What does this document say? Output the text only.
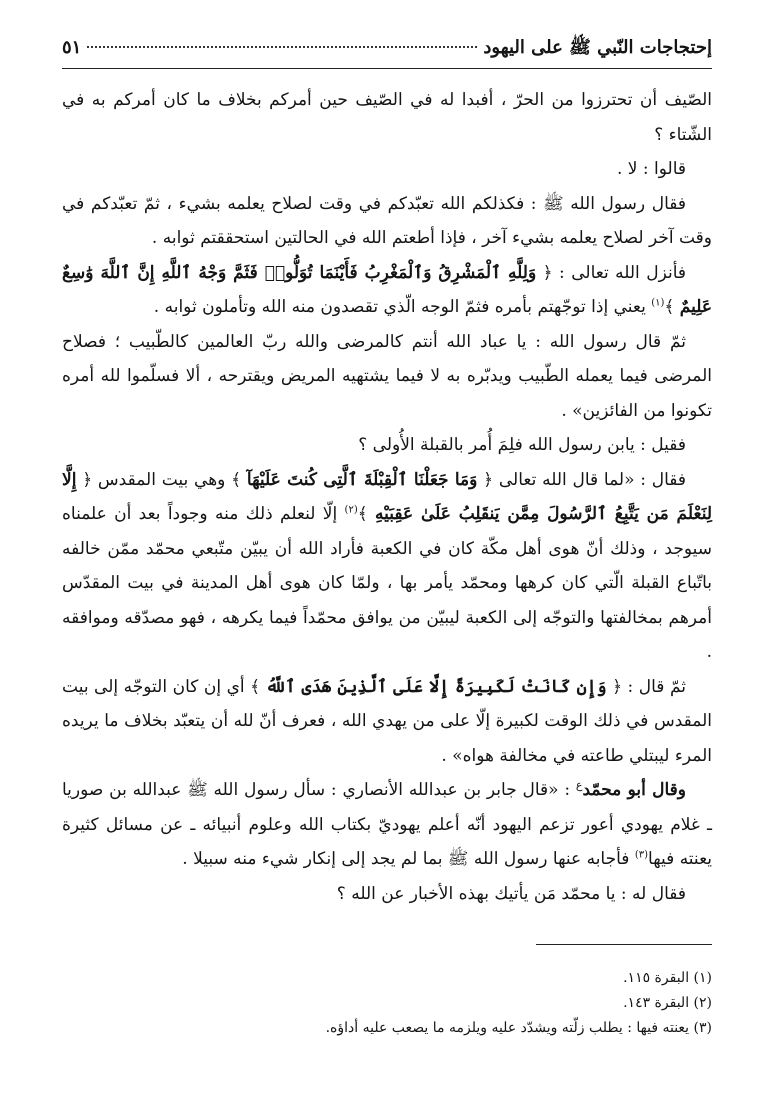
إحتجاجات النّبي ﷺ على اليهود
٥١

الصّيف أن تحترزوا من الحرّ ، أفبدا له في الصّيف حين أمركم بخلاف ما كان أمركم به في الشّتاء ؟

قالوا : لا .

فقال رسول الله ﷺ : فكذلكم الله تعبّدكم في وقت لصلاح يعلمه بشيء ، ثمّ تعبّدكم في وقت آخر لصلاح يعلمه بشيء آخر ، فإذا أطعتم الله في الحالتين استحققتم ثوابه .

فأنزل الله تعالى : ﴿ وَلِلَّهِ ٱلْمَشْرِقُ وَٱلْمَغْرِبُ فَأَيْنَمَا تُوَلُّوا۟ فَثَمَّ وَجْهُ ٱللَّهِ إِنَّ ٱللَّهَ وَٰسِعٌ عَلِيمٌ ﴾$^{(١)}$ يعني إذا توجّهتم بأمره فثمّ الوجه الّذي تقصدون منه الله وتأملون ثوابه .

ثمّ قال رسول الله : يا عباد الله أنتم كالمرضى والله ربّ العالمين كالطّبيب ؛ فصلاح المرضى فيما يعمله الطّبيب ويدبّره به لا فيما يشتهيه المريض ويقترحه ، ألا فسلّموا لله أمره تكونوا من الفائزين» .

فقيل : يابن رسول الله فلِمَ أُمر بالقبلة الأُولى ؟

فقال : «لما قال الله تعالى ﴿ وَمَا جَعَلْنَا ٱلْقِبْلَةَ ٱلَّتِى كُنتَ عَلَيْهَآ ﴾ وهي بيت المقدس ﴿ إِلَّا لِنَعْلَمَ مَن يَتَّبِعُ ٱلرَّسُولَ مِمَّن يَنقَلِبُ عَلَىٰ عَقِبَيْهِ ﴾$^{(٢)}$ إلّا لنعلم ذلك منه وجوداً بعد أن علمناه سيوجد ، وذلك أنّ هوى أهل مكّة كان في الكعبة فأراد الله أن يبيّن متّبعي محمّد ممّن خالفه باتّباع القبلة الّتي كان كرهها ومحمّد يأمر بها ، ولمّا كان هوى أهل المدينة في بيت المقدّس أمرهم بمخالفتها والتوجّه إلى الكعبة ليبيّن من يوافق محمّداً فيما يكرهه ، فهو مصدّقه وموافقه .

ثمّ قال : ﴿ وَإِن كَانَتْ لَكَبِيرَةً إِلَّا عَلَى ٱلَّذِينَ هَدَى ٱللَّهُ ﴾ أي إن كان التوجّه إلى بيت المقدس في ذلك الوقت لكبيرة إلّا على من يهدي الله ، فعرف أنّ لله أن يتعبّد بخلاف ما يريده المرء ليبتلي طاعته في مخالفة هواه» .

وقال أبو محمّد$^ع$ : «قال جابر بن عبدالله الأنصاري : سأل رسول الله ﷺ عبدالله بن صوريا ـ غلام يهودي أعور تزعم اليهود أنّه أعلم يهوديّ بكتاب الله وعلوم أنبيائه ـ عن مسائل كثيرة يعنته فيها$^{(٣)}$ فأجابه عنها رسول الله ﷺ بما لم يجد إلى إنكار شيء منه سبيلا .

فقال له : يا محمّد مَن يأتيك بهذه الأخبار عن الله ؟

(١) البقرة ١١٥.

(٢) البقرة ١٤٣.

(٣) يعنته فيها : يطلب زلّته ويشدّد عليه ويلزمه ما يصعب عليه أداؤه.
